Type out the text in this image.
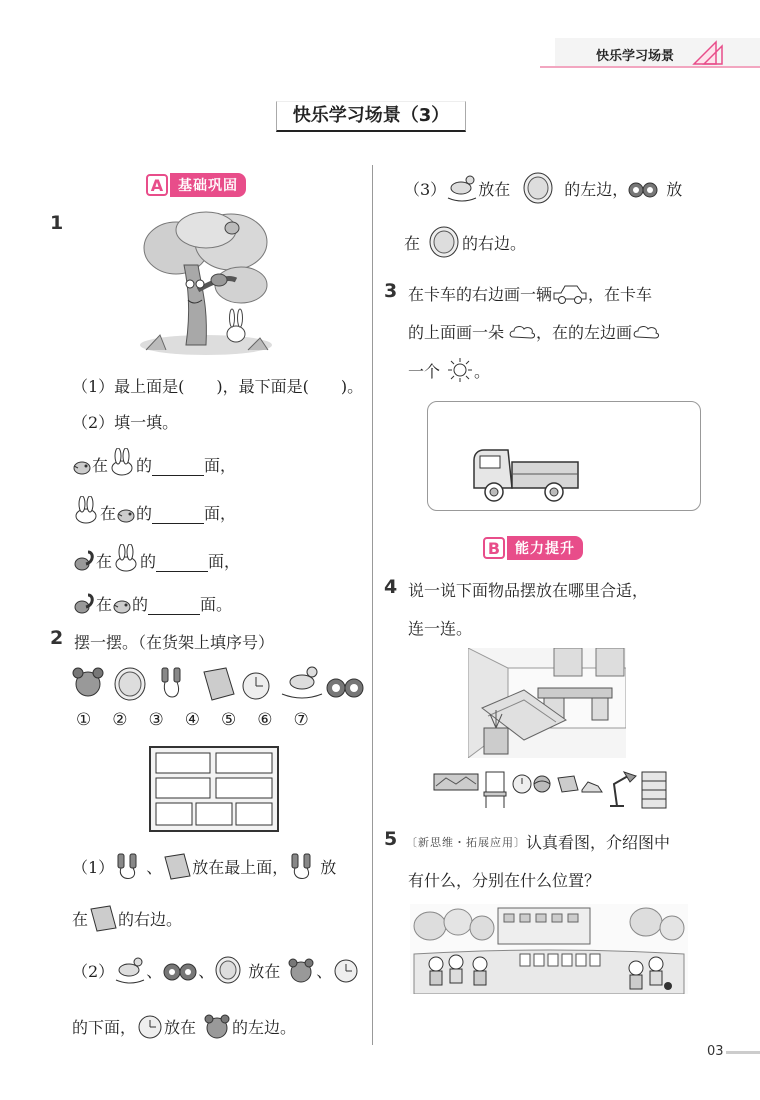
快乐学习场景
快乐学习场景（3）
A	基础巩固
1
（1）最上面是(　　)，最下面是(　　)。
（2）填一填。
在 的	面，
在 的	面，
在 的	面，
在 的	面。
2 摆一摆。（在货架上填序号）
① ② ③ ④ ⑤ ⑥ ⑦
（1） 、 放在最上面， 放
在 的右边。
（2） 、 、 放在 、
的下面， 放在 的左边。
（3） 放在	的左边， 放
在	的右边。
3 在卡车的右边画一辆 ，在卡车
的上面画一朵 ，在 的左边画
一个 。
B	能力提升
4 说一说下面物品摆放在哪里合适，
连一连。
5 〔新思维・拓展应用〕 认真看图，介绍图中
有什么，分别在什么位置？
03
